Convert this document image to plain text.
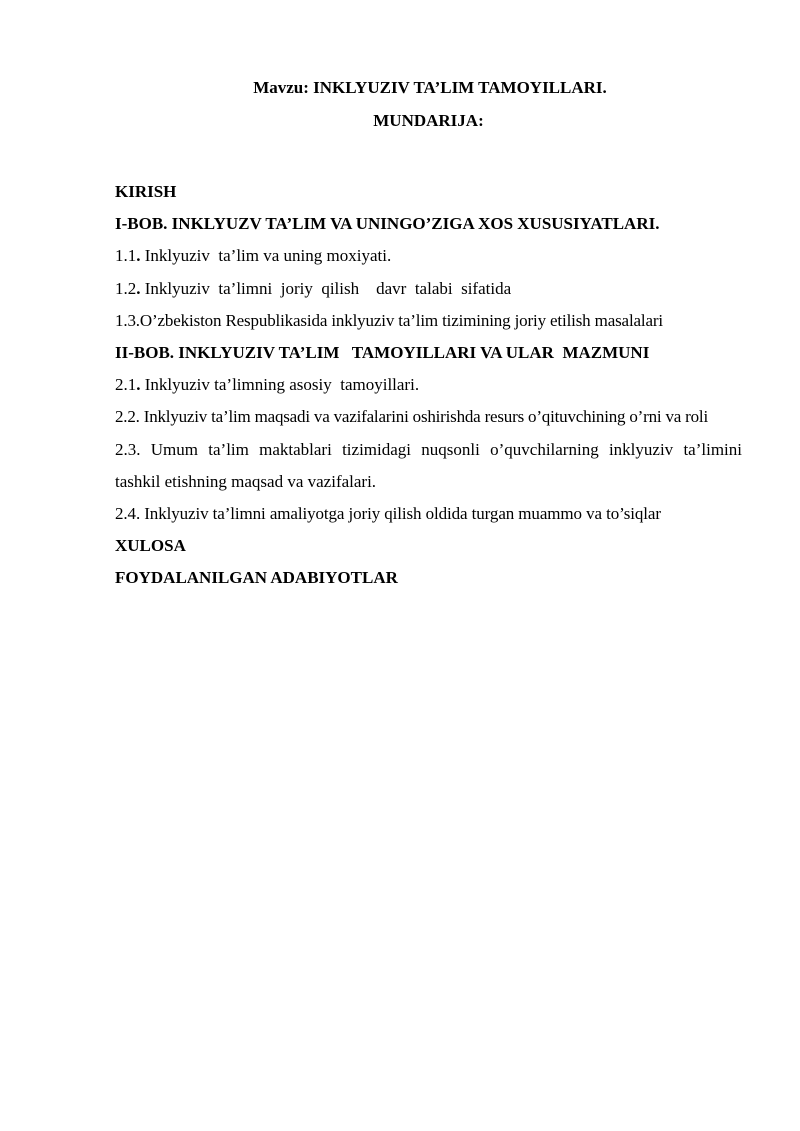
Mavzu: INKLYUZIV TA’LIM TAMOYILLARI.
MUNDARIJA:
KIRISH
I-BOB. INKLYUZV TA’LIM VA UNINGO’ZIGA XOS XUSUSIYATLARI.
1.1. Inklyuziv  ta’lim va uning moxiyati.
1.2. Inklyuziv  ta’limni  joriy  qilish    davr  talabi  sifatida
1.3.O’zbekiston Respublikasida inklyuziv ta’lim tizimining joriy etilish masalalari
II-BOB. INKLYUZIV TA’LIM   TAMOYILLARI VA ULAR  MAZMUNI
2.1. Inklyuziv ta’limning asosiy  tamoyillari.
2.2. Inklyuziv ta’lim maqsadi va vazifalarini oshirishda resurs o’qituvchining o’rni va roli
2.3. Umum ta’lim maktablari tizimidagi nuqsonli o’quvchilarning inklyuziv ta’limini tashkil etishning maqsad va vazifalari.
2.4. Inklyuziv ta’limni amaliyotga joriy qilish oldida turgan muammo va to’siqlar
XULOSA
FOYDALANILGAN ADABIYOTLAR
